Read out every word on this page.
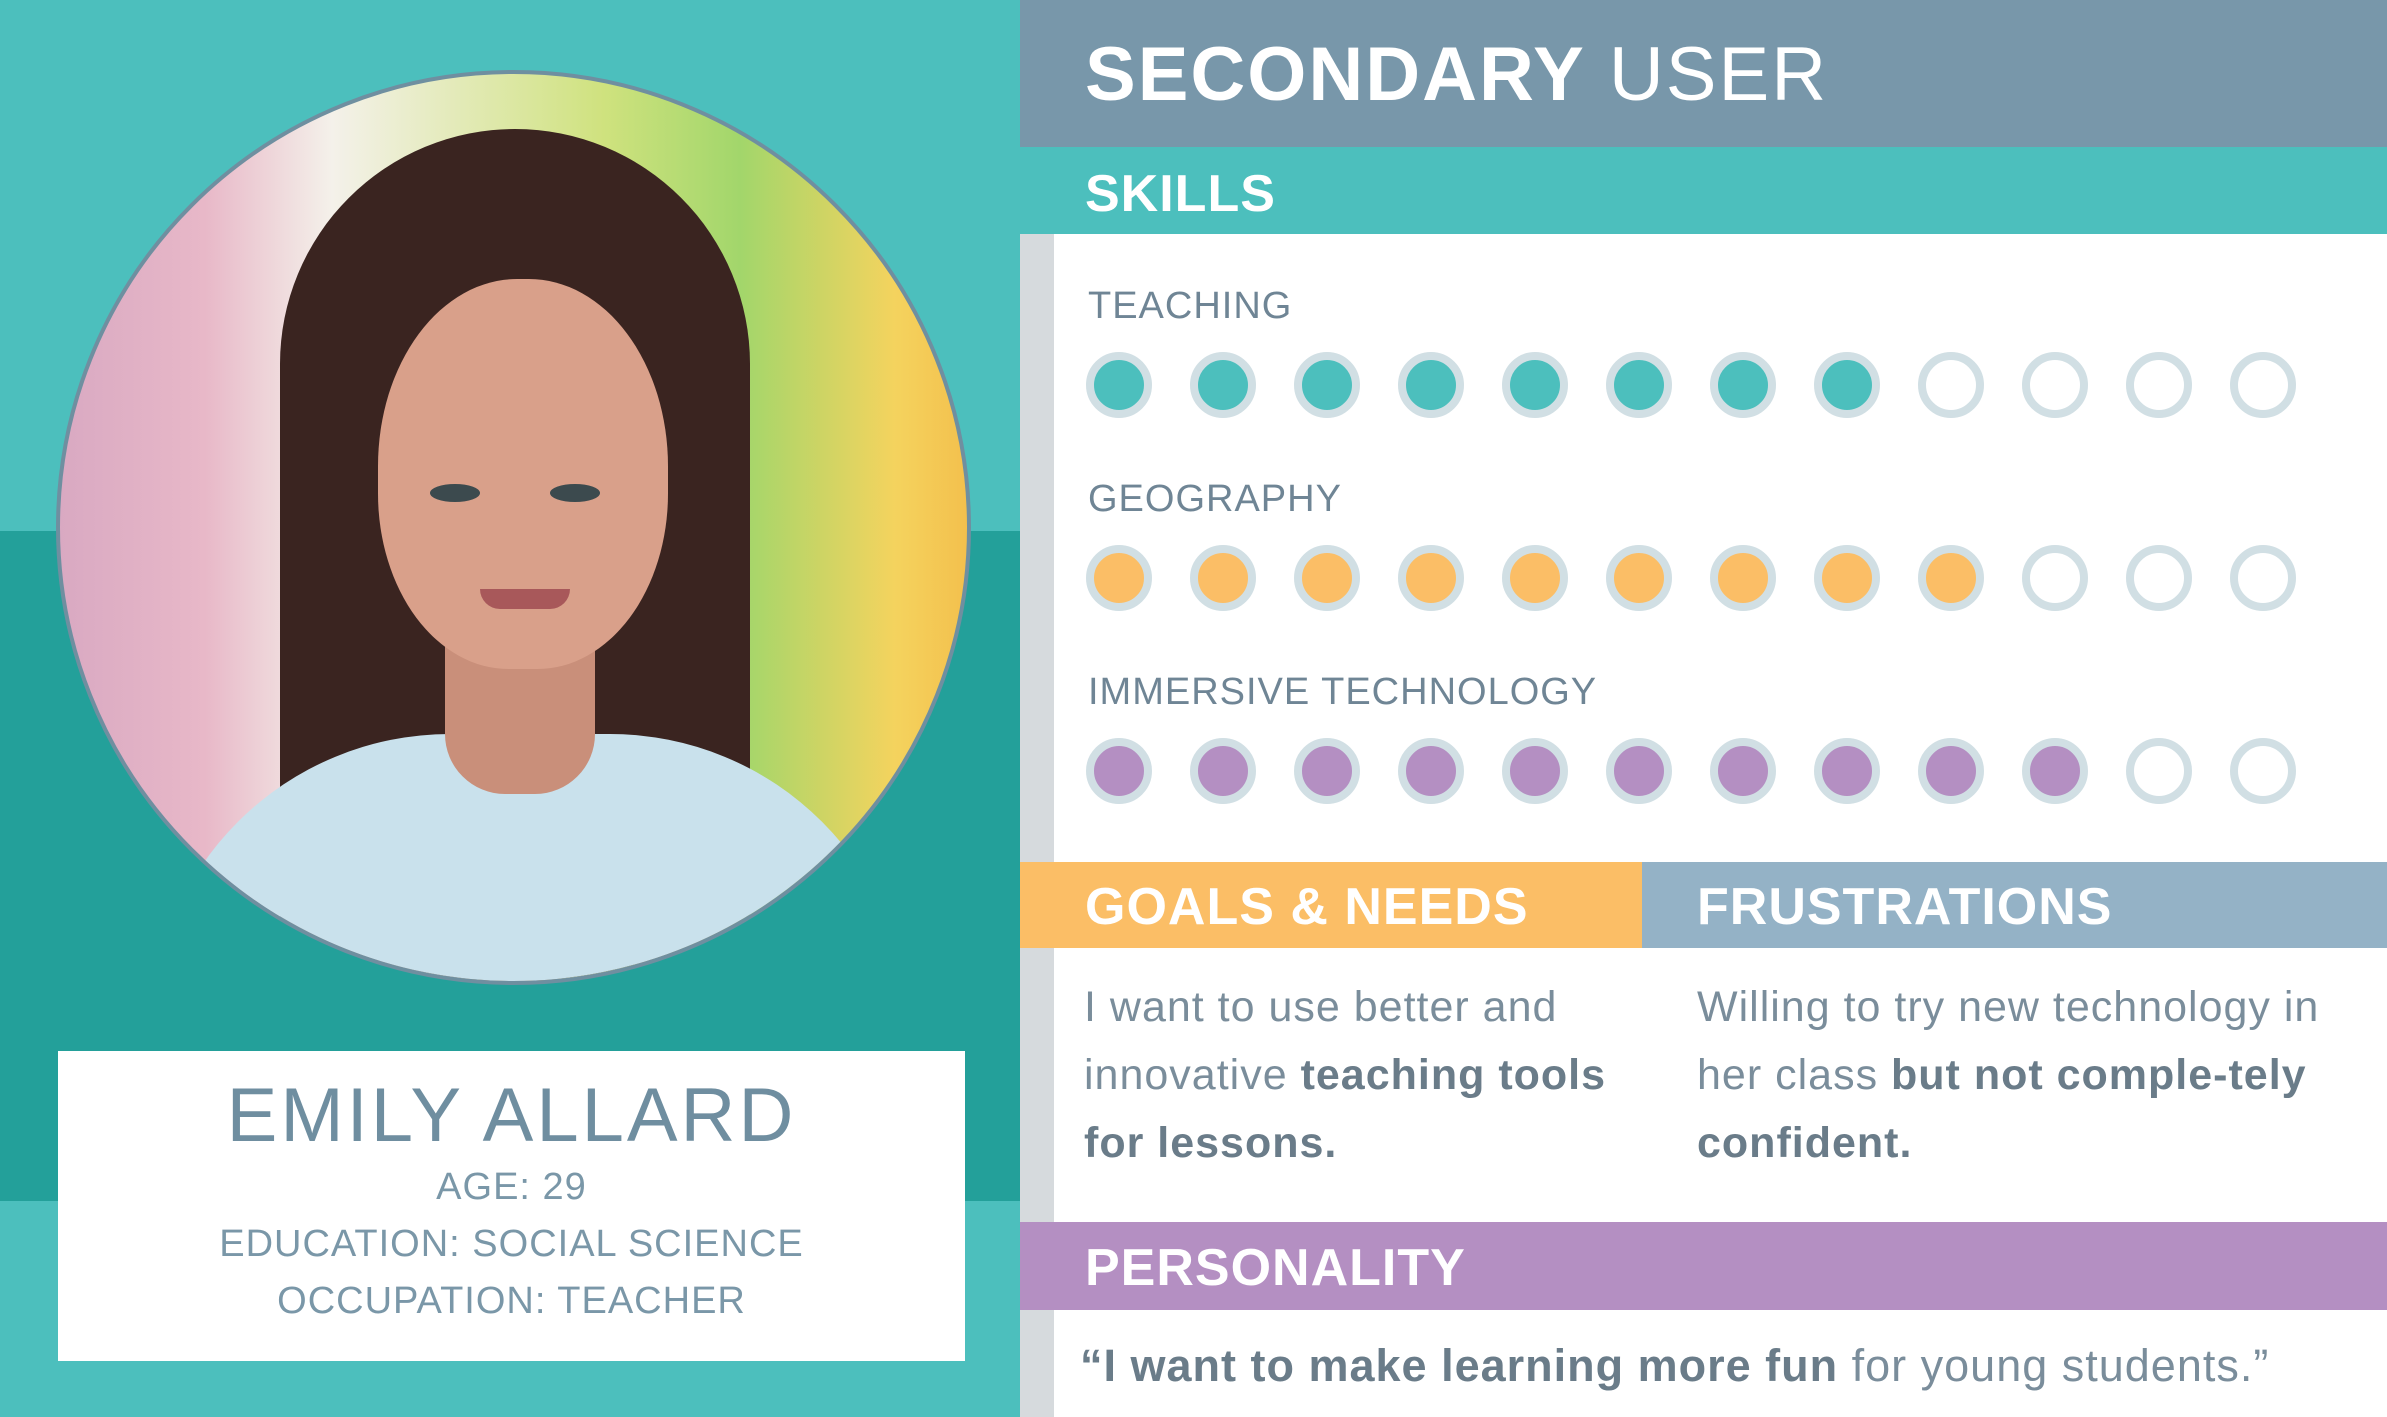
EMILY ALLARD
AGE: 29
EDUCATION: SOCIAL SCIENCE
OCCUPATION: TEACHER
SECONDARY USER
SKILLS
TEACHING
GEOGRAPHY
IMMERSIVE TECHNOLOGY
GOALS & NEEDS	FRUSTRATIONS
I want to use better and innovative teaching tools for lessons.
Willing to try new technology in her class but not comple-tely confident.
PERSONALITY
“I want to make learning more fun for young students.”
